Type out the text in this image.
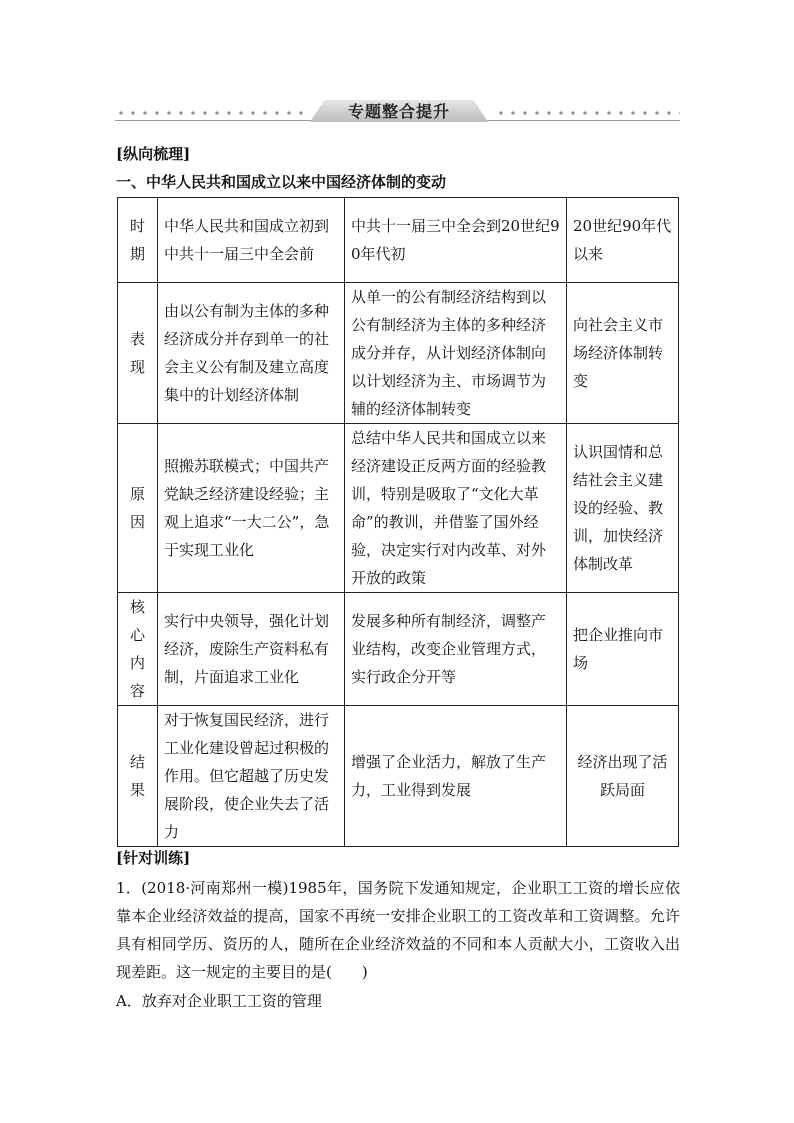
专题整合提升
[纵向梳理]
一、中华人民共和国成立以来中国经济体制的变动
时
期	中华人民共和国成立初到中共十一届三中全会前	中共十一届三中全会到20世纪90年代初	20世纪90年代以来
表
现	由以公有制为主体的多种经济成分并存到单一的社会主义公有制及建立高度集中的计划经济体制	从单一的公有制经济结构到以公有制经济为主体的多种经济成分并存，从计划经济体制向以计划经济为主、市场调节为辅的经济体制转变	向社会主义市场经济体制转变
原
因	照搬苏联模式；中国共产党缺乏经济建设经验；主观上追求“一大二公”，急于实现工业化	总结中华人民共和国成立以来经济建设正反两方面的经验教训，特别是吸取了“文化大革命”的教训，并借鉴了国外经验，决定实行对内改革、对外开放的政策	认识国情和总结社会主义建设的经验、教训，加快经济体制改革
核
心
内
容	实行中央领导，强化计划经济，废除生产资料私有制，片面追求工业化	发展多种所有制经济，调整产业结构，改变企业管理方式，实行政企分开等	把企业推向市场
结
果	对于恢复国民经济，进行工业化建设曾起过积极的作用。但它超越了历史发展阶段，使企业失去了活力	增强了企业活力，解放了生产力，工业得到发展	经济出现了活跃局面
[针对训练]
1．(2018·河南郑州一模)1985年，国务院下发通知规定，企业职工工资的增长应依靠本企业经济效益的提高，国家不再统一安排企业职工的工资改革和工资调整。允许具有相同学历、资历的人，随所在企业经济效益的不同和本人贡献大小，工资收入出现差距。这一规定的主要目的是(　　)
A．放弃对企业职工工资的管理
